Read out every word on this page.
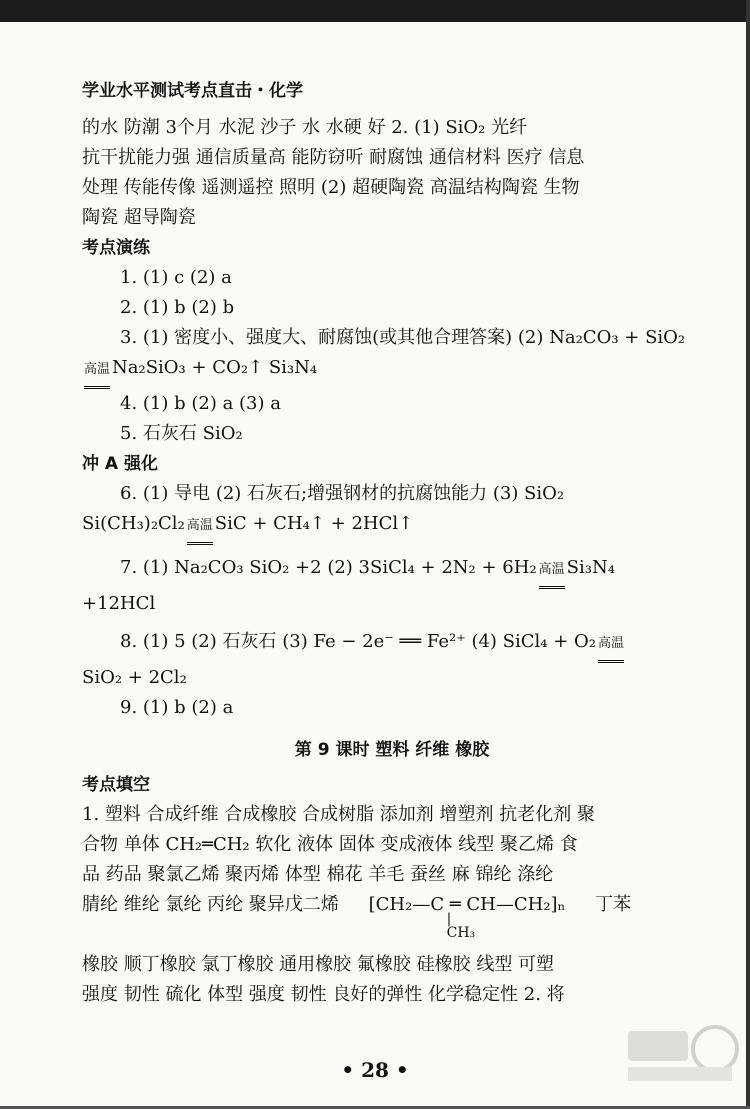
学业水平测试考点直击・化学
的水 防潮 3个月 水泥 沙子 水 水硬 好 2. (1) SiO₂ 光纤
抗干扰能力强 通信质量高 能防窃听 耐腐蚀 通信材料 医疗 信息
处理 传能传像 遥测遥控 照明 (2) 超硬陶瓷 高温结构陶瓷 生物
陶瓷 超导陶瓷
考点演练
1. (1) c (2) a
2. (1) b (2) b
3. (1) 密度小、强度大、耐腐蚀(或其他合理答案) (2) Na₂CO₃ + SiO₂
高温 Na₂SiO₃ + CO₂↑ Si₃N₄
4. (1) b (2) a (3) a
5. 石灰石 SiO₂
冲 A 强化
6. (1) 导电 (2) 石灰石;增强钢材的抗腐蚀能力 (3) SiO₂
Si(CH₃)₂Cl₂ 高温 SiC + CH₄↑ + 2HCl↑
7. (1) Na₂CO₃ SiO₂ +2 (2) 3SiCl₄ + 2N₂ + 6H₂ 高温 Si₃N₄
+12HCl
8. (1) 5 (2) 石灰石 (3) Fe − 2e⁻ ══ Fe²⁺ (4) SiCl₄ + O₂ 高温
SiO₂ + 2Cl₂
9. (1) b (2) a
第 9 课时 塑料 纤维 橡胶
考点填空
1. 塑料 合成纤维 合成橡胶 合成树脂 添加剂 增塑剂 抗老化剂 聚
合物 单体 CH₂═CH₂ 软化 液体 固体 变成液体 线型 聚乙烯 食
品 药品 聚氯乙烯 聚丙烯 体型 棉花 羊毛 蚕丝 麻 锦纶 涤纶
腈纶 维纶 氯纶 丙纶 聚异戊二烯 [CH₂—C ═ CH—CH₂]ₙ
|
CH₃
丁苯
橡胶 顺丁橡胶 氯丁橡胶 通用橡胶 氟橡胶 硅橡胶 线型 可塑
强度 韧性 硫化 体型 强度 韧性 良好的弹性 化学稳定性 2. 将
• 28 •
